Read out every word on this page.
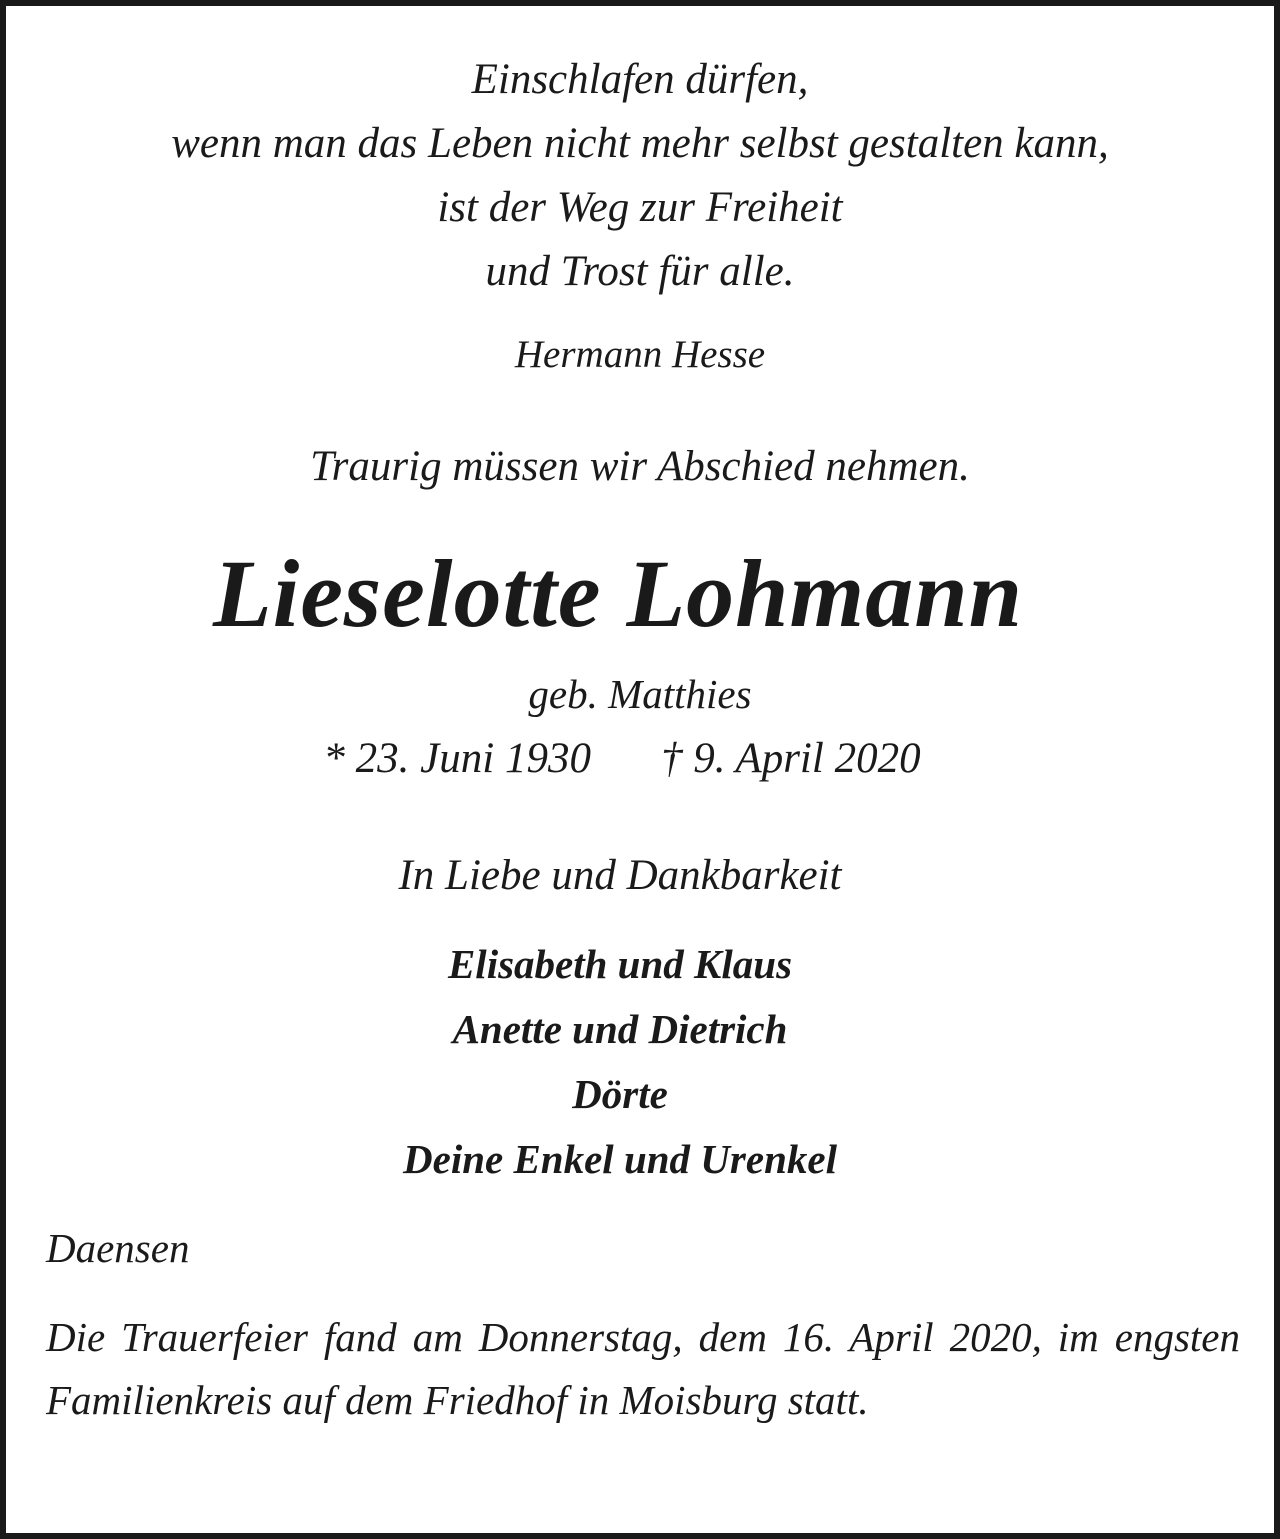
Einschlafen dürfen,
wenn man das Leben nicht mehr selbst gestalten kann,
ist der Weg zur Freiheit
und Trost für alle.
Hermann Hesse
Traurig müssen wir Abschied nehmen.
Lieselotte Lohmann
geb. Matthies
* 23. Juni 1930 † 9. April 2020
In Liebe und Dankbarkeit
Elisabeth und Klaus
Anette und Dietrich
Dörte
Deine Enkel und Urenkel
Daensen
Die Trauerfeier fand am Donnerstag, dem 16. April 2020, im engsten Familienkreis auf dem Friedhof in Moisburg statt.
